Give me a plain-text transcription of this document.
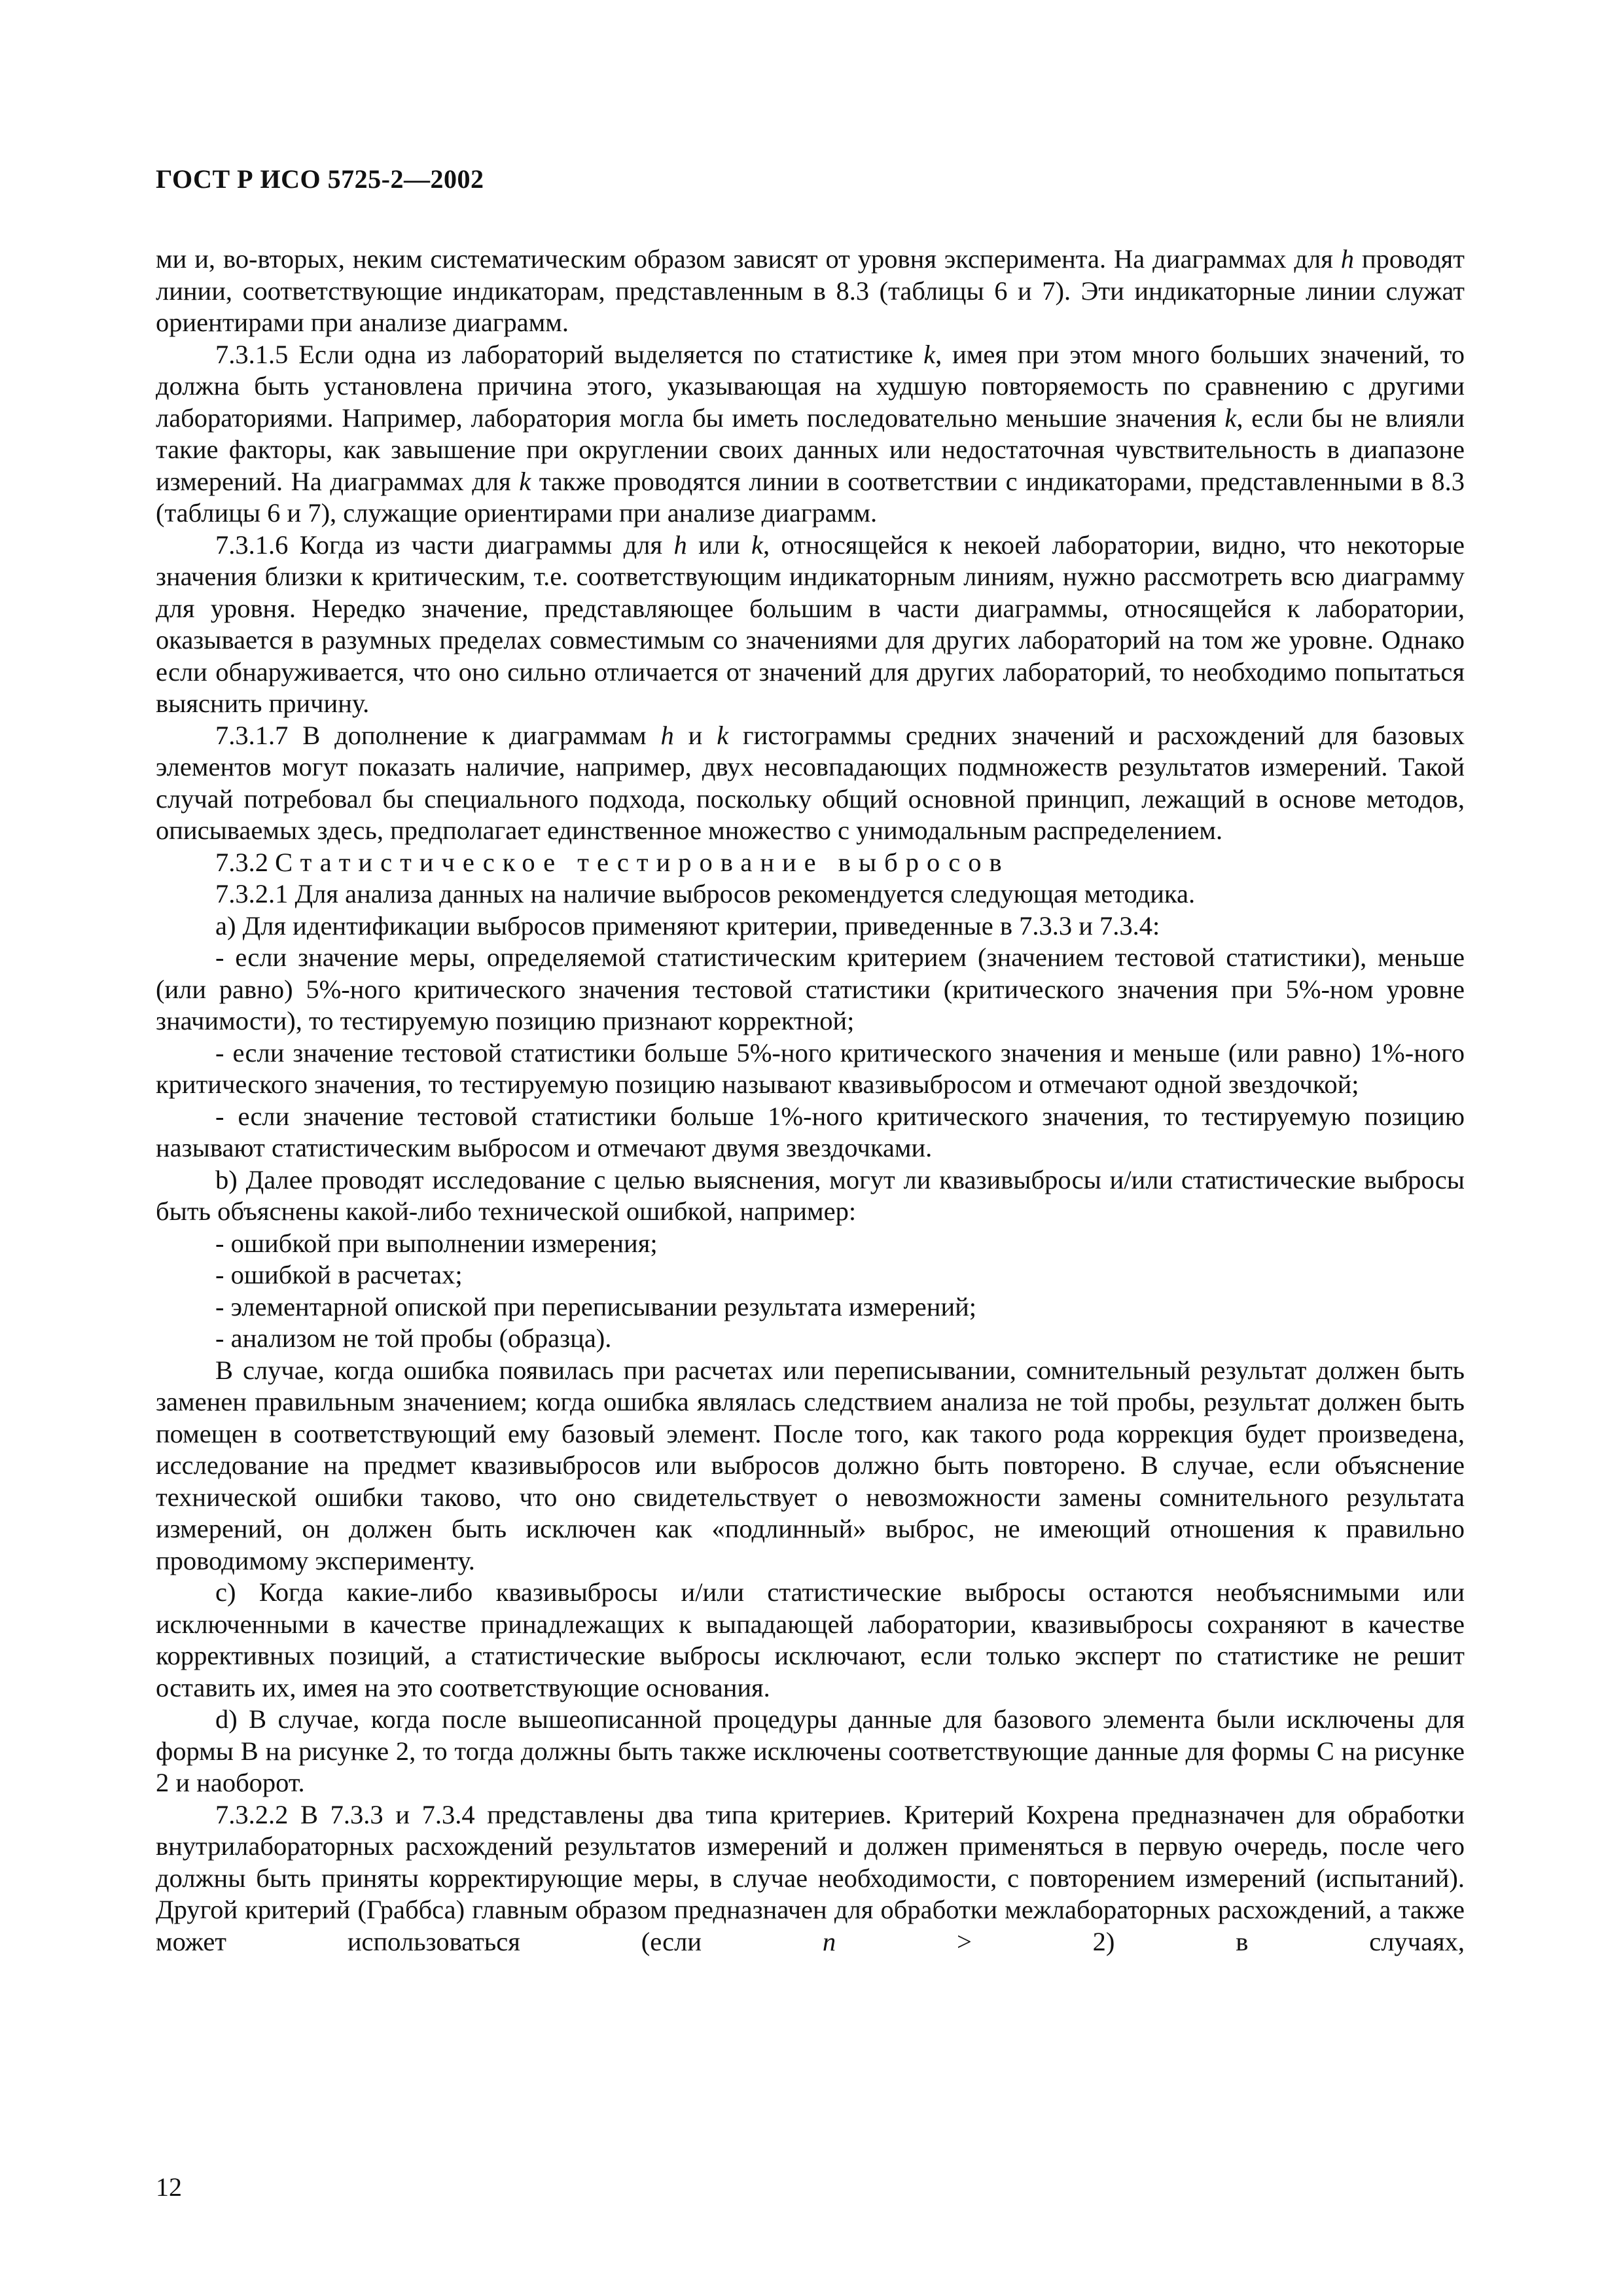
ГОСТ Р ИСО 5725-2—2002

ми и, во-вторых, неким систематическим образом зависят от уровня эксперимента. На диаграммах для h проводят линии, соответствующие индикаторам, представленным в 8.3 (таблицы 6 и 7). Эти индикаторные линии служат ориентирами при анализе диаграмм.

7.3.1.5 Если одна из лабораторий выделяется по статистике k, имея при этом много больших значений, то должна быть установлена причина этого, указывающая на худшую повторяемость по сравнению с другими лабораториями. Например, лаборатория могла бы иметь последовательно меньшие значения k, если бы не влияли такие факторы, как завышение при округлении своих данных или недостаточная чувствительность в диапазоне измерений. На диаграммах для k также проводятся линии в соответствии с индикаторами, представленными в 8.3 (таблицы 6 и 7), служащие ориентирами при анализе диаграмм.

7.3.1.6 Когда из части диаграммы для h или k, относящейся к некоей лаборатории, видно, что некоторые значения близки к критическим, т.е. соответствующим индикаторным линиям, нужно рассмотреть всю диаграмму для уровня. Нередко значение, представляющее большим в части диаграммы, относящейся к лаборатории, оказывается в разумных пределах совместимым со значениями для других лабораторий на том же уровне. Однако если обнаруживается, что оно сильно отличается от значений для других лабораторий, то необходимо попытаться выяснить причину.

7.3.1.7 В дополнение к диаграммам h и k гистограммы средних значений и расхождений для базовых элементов могут показать наличие, например, двух несовпадающих подмножеств результатов измерений. Такой случай потребовал бы специального подхода, поскольку общий основной принцип, лежащий в основе методов, описываемых здесь, предполагает единственное множество с унимодальным распределением.

7.3.2 Статистическое тестирование выбросов

7.3.2.1 Для анализа данных на наличие выбросов рекомендуется следующая методика.

a) Для идентификации выбросов применяют критерии, приведенные в 7.3.3 и 7.3.4:

- если значение меры, определяемой статистическим критерием (значением тестовой статистики), меньше (или равно) 5%-ного критического значения тестовой статистики (критического значения при 5%-ном уровне значимости), то тестируемую позицию признают корректной;

- если значение тестовой статистики больше 5%-ного критического значения и меньше (или равно) 1%-ного критического значения, то тестируемую позицию называют квазивыбросом и отмечают одной звездочкой;

- если значение тестовой статистики больше 1%-ного критического значения, то тестируемую позицию называют статистическим выбросом и отмечают двумя звездочками.

b) Далее проводят исследование с целью выяснения, могут ли квазивыбросы и/или статистические выбросы быть объяснены какой-либо технической ошибкой, например:

- ошибкой при выполнении измерения;

- ошибкой в расчетах;

- элементарной опиской при переписывании результата измерений;

- анализом не той пробы (образца).

В случае, когда ошибка появилась при расчетах или переписывании, сомнительный результат должен быть заменен правильным значением; когда ошибка являлась следствием анализа не той пробы, результат должен быть помещен в соответствующий ему базовый элемент. После того, как такого рода коррекция будет произведена, исследование на предмет квазивыбросов или выбросов должно быть повторено. В случае, если объяснение технической ошибки таково, что оно свидетельствует о невозможности замены сомнительного результата измерений, он должен быть исключен как «подлинный» выброс, не имеющий отношения к правильно проводимому эксперименту.

c) Когда какие-либо квазивыбросы и/или статистические выбросы остаются необъяснимыми или исключенными в качестве принадлежащих к выпадающей лаборатории, квазивыбросы сохраняют в качестве коррективных позиций, а статистические выбросы исключают, если только эксперт по статистике не решит оставить их, имея на это соответствующие основания.

d) В случае, когда после вышеописанной процедуры данные для базового элемента были исключены для формы В на рисунке 2, то тогда должны быть также исключены соответствующие данные для формы С на рисунке 2 и наоборот.

7.3.2.2 В 7.3.3 и 7.3.4 представлены два типа критериев. Критерий Кохрена предназначен для обработки внутрилабораторных расхождений результатов измерений и должен применяться в первую очередь, после чего должны быть приняты корректирующие меры, в случае необходимости, с повторением измерений (испытаний). Другой критерий (Граббса) главным образом предназначен для обработки межлабораторных расхождений, а также может использоваться (если n > 2) в случаях,

12
